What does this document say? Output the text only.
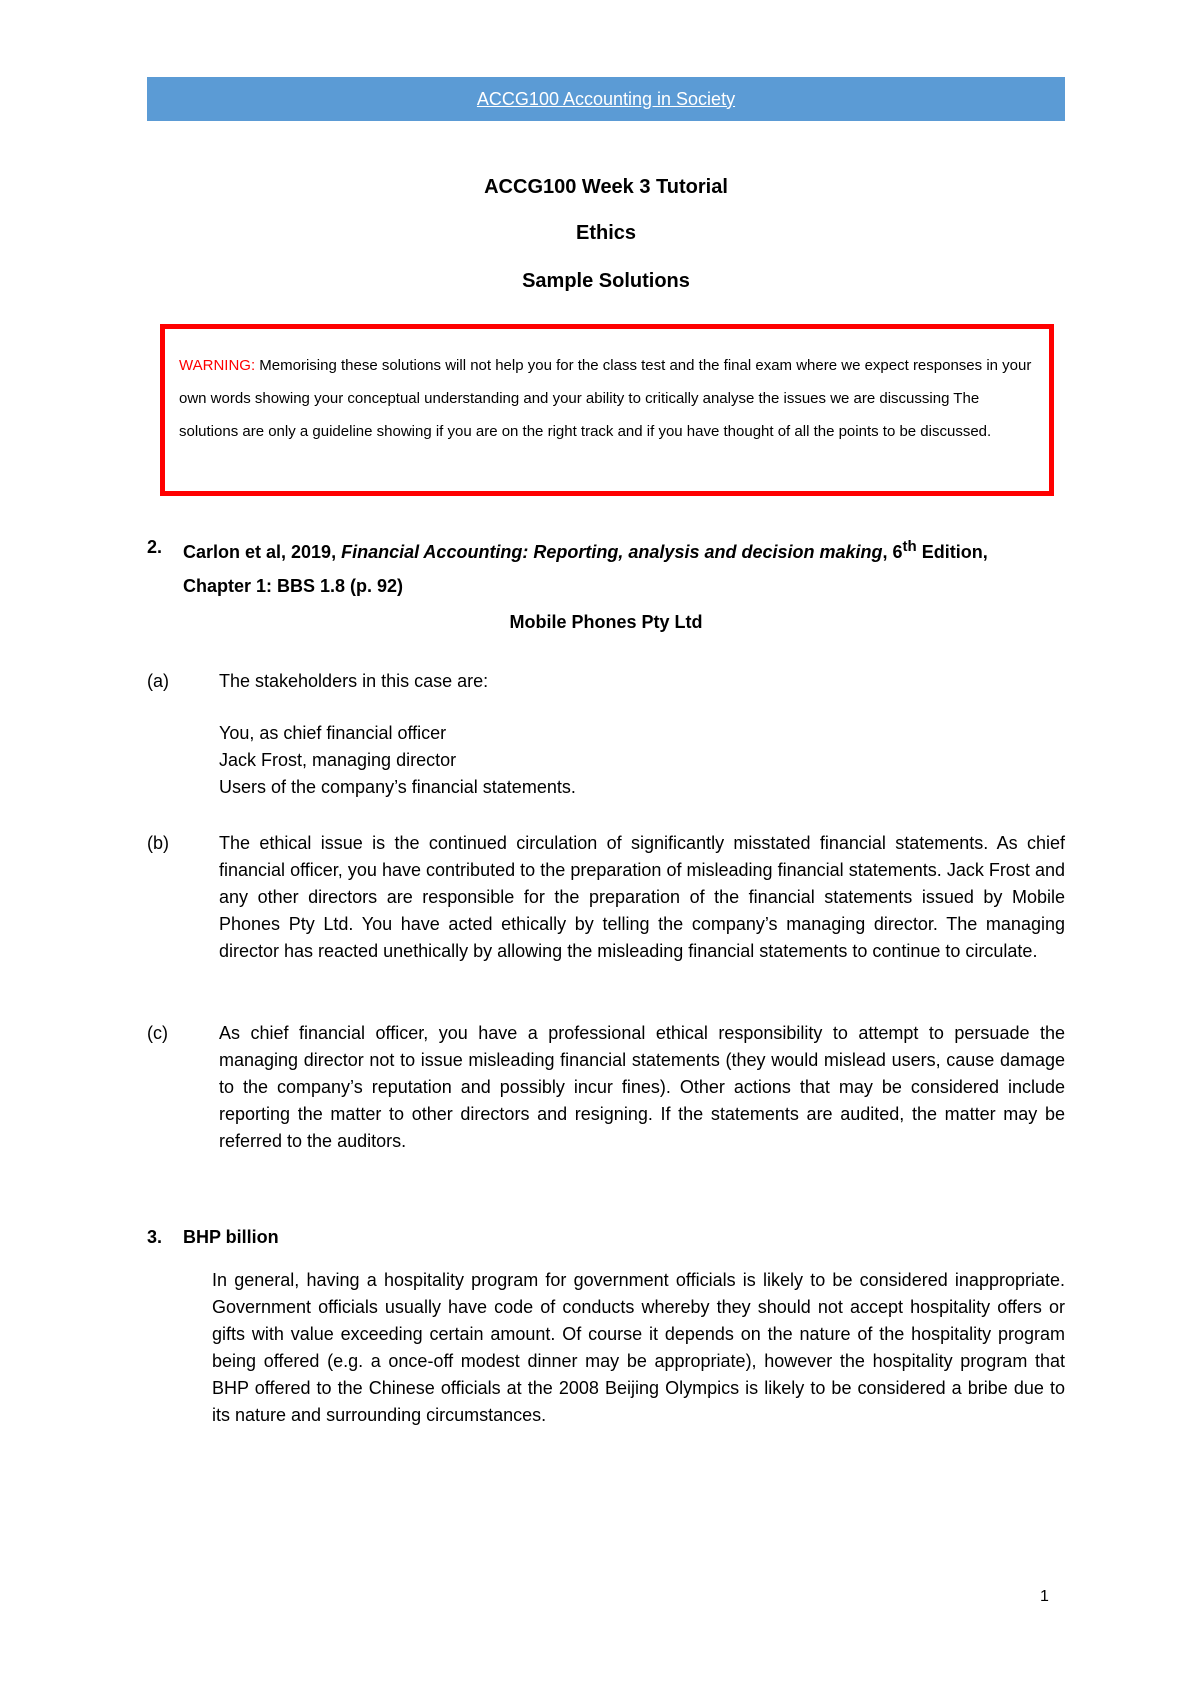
ACCG100 Accounting in Society
ACCG100 Week 3 Tutorial
Ethics
Sample Solutions
WARNING: Memorising these solutions will not help you for the class test and the final exam where we expect responses in your own words showing your conceptual understanding and your ability to critically analyse the issues we are discussing The solutions are only a guideline showing if you are on the right track and if you have thought of all the points to be discussed.
2. Carlon et al, 2019, Financial Accounting: Reporting, analysis and decision making, 6th Edition,
Chapter 1: BBS 1.8 (p. 92)
Mobile Phones Pty Ltd
(a)	The stakeholders in this case are:
You, as chief financial officer
Jack Frost, managing director
Users of the company’s financial statements.
(b)	The ethical issue is the continued circulation of significantly misstated financial statements. As chief financial officer, you have contributed to the preparation of misleading financial statements. Jack Frost and any other directors are responsible for the preparation of the financial statements issued by Mobile Phones Pty Ltd. You have acted ethically by telling the company’s managing director. The managing director has reacted unethically by allowing the misleading financial statements to continue to circulate.
(c)	As chief financial officer, you have a professional ethical responsibility to attempt to persuade the managing director not to issue misleading financial statements (they would mislead users, cause damage to the company’s reputation and possibly incur fines). Other actions that may be considered include reporting the matter to other directors and resigning. If the statements are audited, the matter may be referred to the auditors.
3. BHP billion
In general, having a hospitality program for government officials is likely to be considered inappropriate. Government officials usually have code of conducts whereby they should not accept hospitality offers or gifts with value exceeding certain amount. Of course it depends on the nature of the hospitality program being offered (e.g. a once-off modest dinner may be appropriate), however the hospitality program that BHP offered to the Chinese officials at the 2008 Beijing Olympics is likely to be considered a bribe due to its nature and surrounding circumstances.
1
